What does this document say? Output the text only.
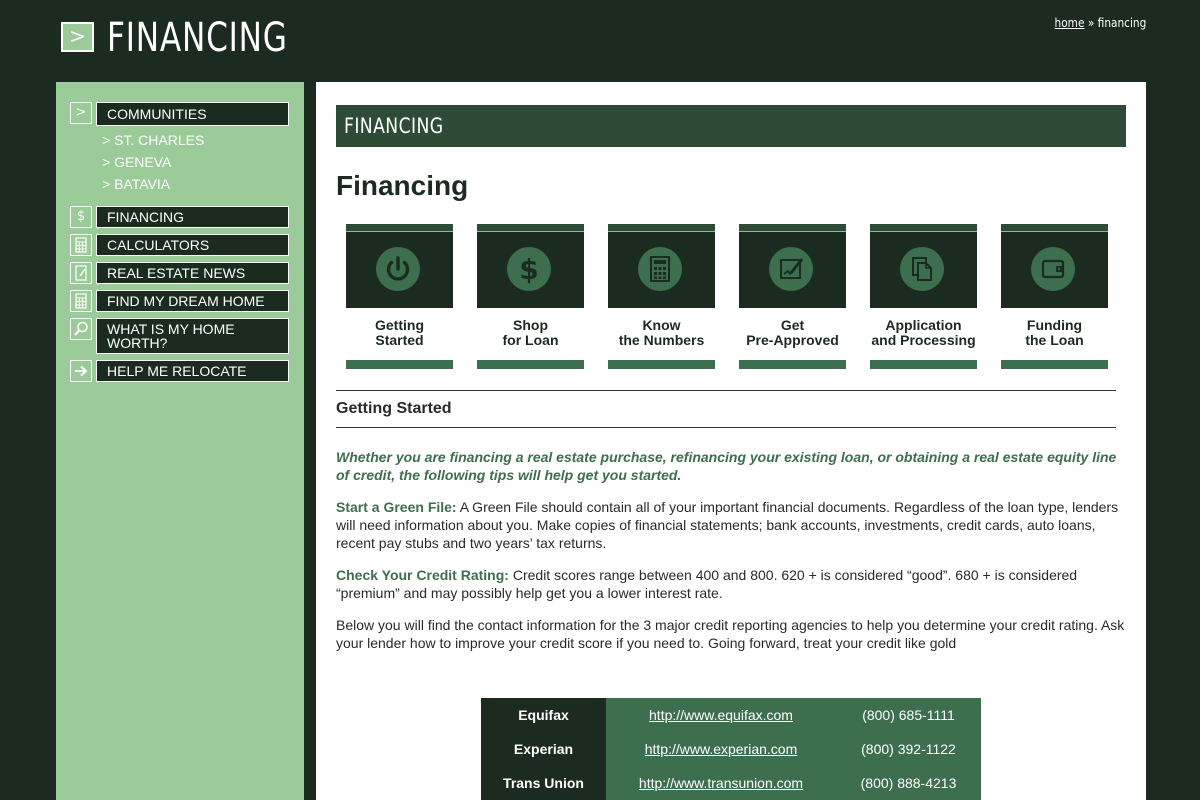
> FINANCING	home » financing
>	COMMUNITIES
> ST. CHARLES
> GENEVA
> BATAVIA
$	FINANCING
CALCULATORS
REAL ESTATE NEWS
FIND MY DREAM HOME
WHAT IS MY HOME WORTH?
HELP ME RELOCATE
FINANCING
Financing
Getting
Started
$
Shop
for Loan
Know
the Numbers
Get
Pre-Approved
Application
and Processing
Funding
the Loan
Getting Started
Whether you are financing a real estate purchase, refinancing your existing loan, or obtaining a real estate equity line of credit, the following tips will help get you started.
Start a Green File: A Green File should contain all of your important financial documents. Regardless of the loan type, lenders will need information about you. Make copies of financial statements; bank accounts, investments, credit cards, auto loans, recent pay stubs and two years’ tax returns.
Check Your Credit Rating: Credit scores range between 400 and 800. 620 + is considered “good”. 680 + is considered “premium” and may possibly help get you a lower interest rate.
Below you will find the contact information for the 3 major credit reporting agencies to help you determine your credit rating. Ask your lender how to improve your credit score if you need to. Going forward, treat your credit like gold
Equifax	http://www.equifax.com	(800) 685-1111
Experian	http://www.experian.com	(800) 392-1122
Trans Union	http://www.transunion.com	(800) 888-4213
